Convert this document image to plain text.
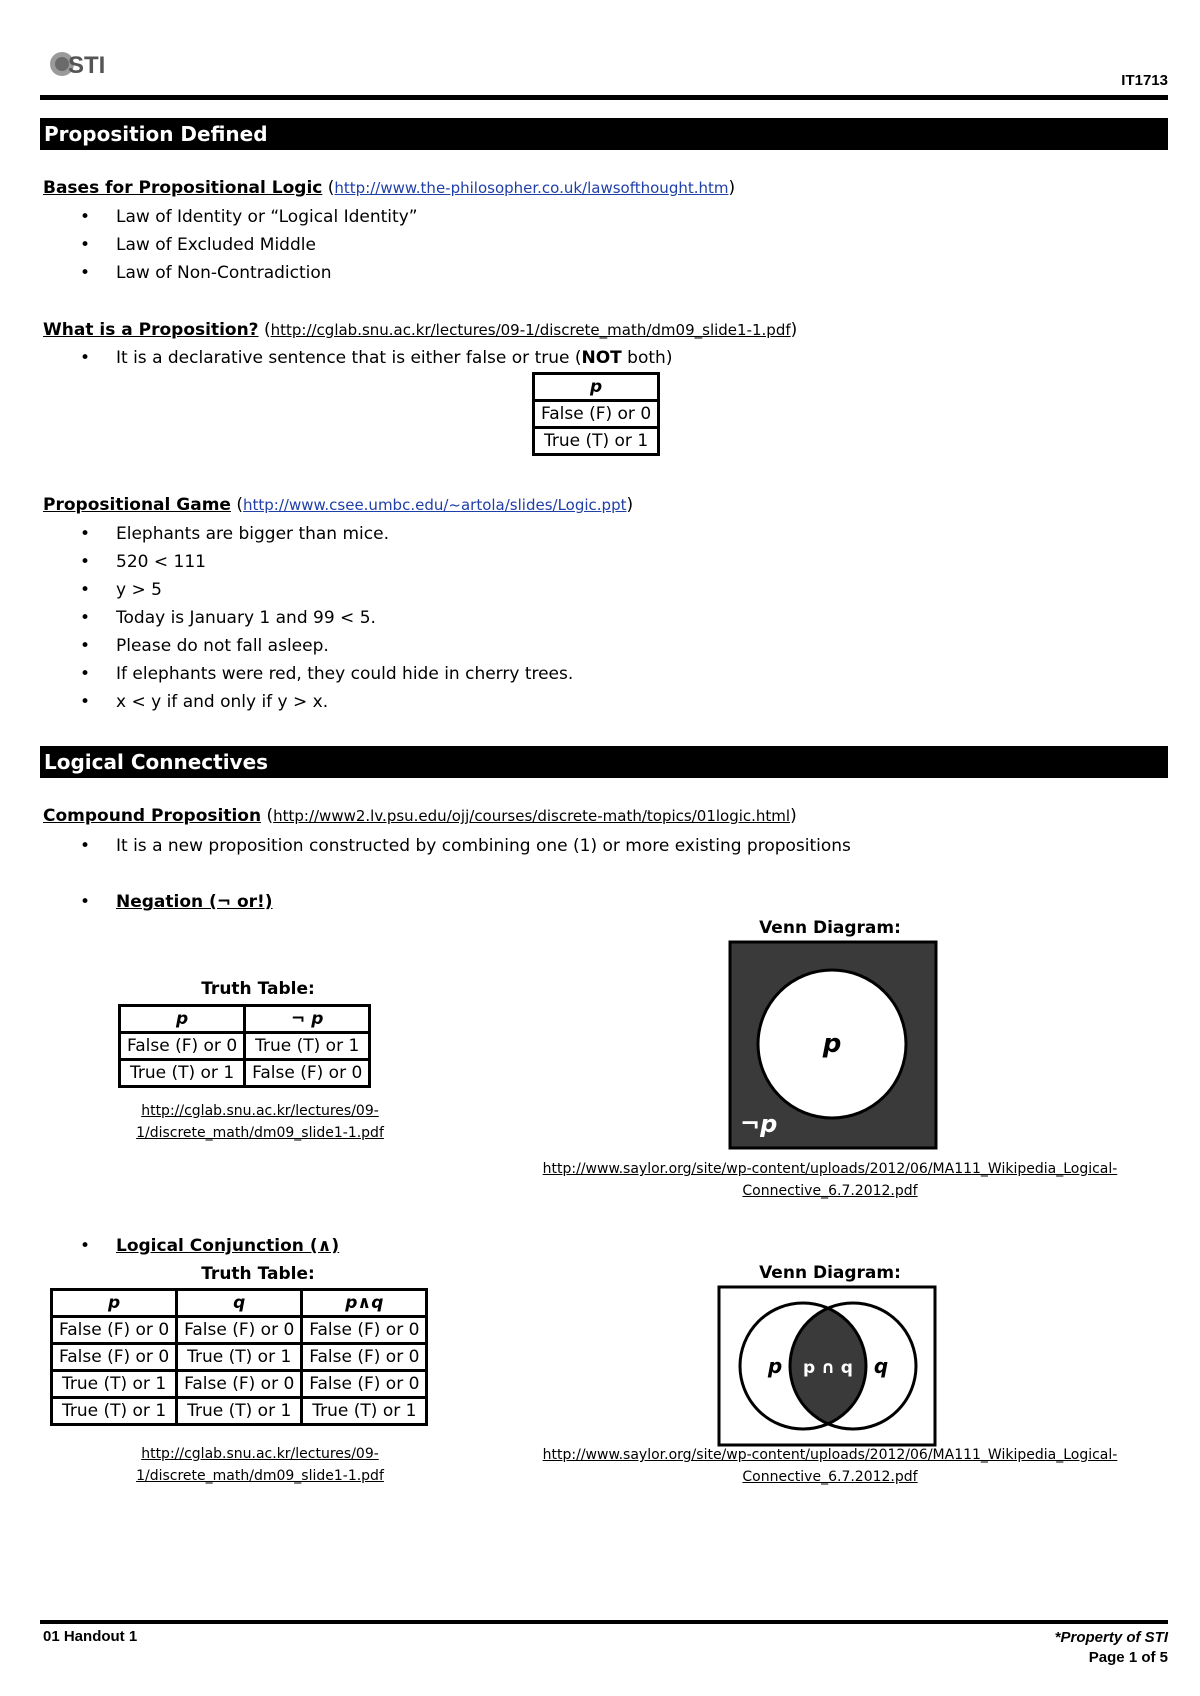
STI
IT1713
Proposition Defined
Bases for Propositional Logic (http://www.the-philosopher.co.uk/lawsofthought.htm)
• Law of Identity or “Logical Identity”
• Law of Excluded Middle
• Law of Non-Contradiction
What is a Proposition? (http://cglab.snu.ac.kr/lectures/09-1/discrete_math/dm09_slide1-1.pdf)
• It is a declarative sentence that is either false or true (NOT both)
p
False (F) or 0
True (T) or 1
Propositional Game (http://www.csee.umbc.edu/~artola/slides/Logic.ppt)
• Elephants are bigger than mice.
• 520 < 111
• y > 5
• Today is January 1 and 99 < 5.
• Please do not fall asleep.
• If elephants were red, they could hide in cherry trees.
• x < y if and only if y > x.
Logical Connectives
Compound Proposition (http://www2.lv.psu.edu/ojj/courses/discrete-math/topics/01logic.html)
• It is a new proposition constructed by combining one (1) or more existing propositions
• Negation (¬ or!)
Truth Table:
p	¬ p
False (F) or 0	True (T) or 1
True (T) or 1	False (F) or 0
http://cglab.snu.ac.kr/lectures/09-
1/discrete_math/dm09_slide1-1.pdf
Venn Diagram:
p
¬p
http://www.saylor.org/site/wp-content/uploads/2012/06/MA111_Wikipedia_Logical-
Connective_6.7.2012.pdf
• Logical Conjunction (∧)
Truth Table:
p	q	p∧q
False (F) or 0	False (F) or 0	False (F) or 0
False (F) or 0	True (T) or 1	False (F) or 0
True (T) or 1	False (F) or 0	False (F) or 0
True (T) or 1	True (T) or 1	True (T) or 1
http://cglab.snu.ac.kr/lectures/09-
1/discrete_math/dm09_slide1-1.pdf
Venn Diagram:
p	q
p ∩ q
http://www.saylor.org/site/wp-content/uploads/2012/06/MA111_Wikipedia_Logical-
Connective_6.7.2012.pdf
01 Handout 1	*Property of STI
Page 1 of 5
